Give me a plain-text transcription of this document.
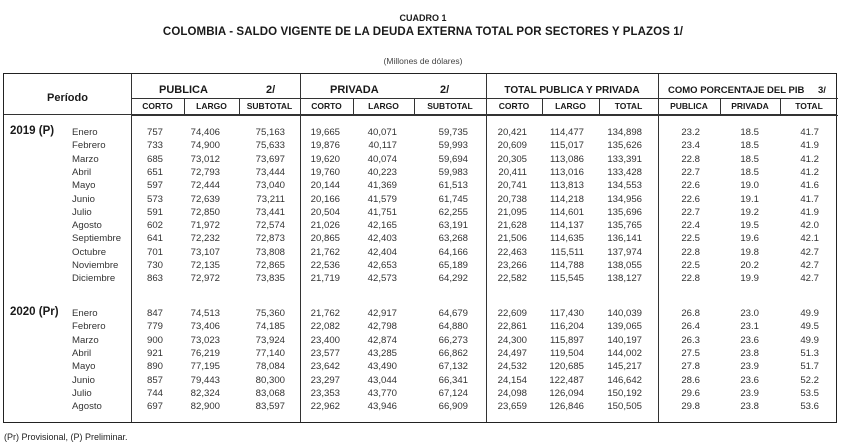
CUADRO 1
COLOMBIA - SALDO VIGENTE DE LA DEUDA EXTERNA TOTAL POR SECTORES Y PLAZOS 1/
(Millones de dólares)
Período
PUBLICA	2/	PRIVADA	2/	TOTAL PUBLICA Y PRIVADA	COMO PORCENTAJE DEL PIB 3/
CORTO	LARGO	SUBTOTAL	CORTO	LARGO	SUBTOTAL	CORTO	LARGO	TOTAL	PUBLICA	PRIVADA	TOTAL
2019 (P) Enero	757	74,406	75,163	19,665	40,071	59,735	20,421 114,477 134,898	23.2	18.5	41.7
Febrero	733	74,900	75,633	19,876	40,117	59,993	20,609 115,017 135,626	23.4	18.5	41.9
Marzo	685	73,012	73,697	19,620	40,074	59,694	20,305 113,086 133,391	22.8	18.5	41.2
Abril	651	72,793	73,444	19,760	40,223	59,983	20,411 113,016 133,428	22.7	18.5	41.2
Mayo	597	72,444	73,040	20,144	41,369	61,513	20,741 113,813 134,553	22.6	19.0	41.6
Junio	573	72,639	73,211	20,166	41,579	61,745	20,738 114,218 134,956	22.6	19.1	41.7
Julio	591	72,850	73,441	20,504	41,751	62,255	21,095 114,601 135,696	22.7	19.2	41.9
Agosto	602	71,972	72,574	21,026	42,165	63,191	21,628 114,137 135,765	22.4	19.5	42.0
Septiembre	641	72,232	72,873	20,865	42,403	63,268	21,506 114,635 136,141	22.5	19.6	42.1
Octubre	701	73,107	73,808	21,762	42,404	64,166	22,463 115,511 137,974	22.8	19.8	42.7
Noviembre	730	72,135	72,865	22,536	42,653	65,189	23,266 114,788 138,055	22.5	20.2	42.7
Diciembre	863	72,972	73,835	21,719	42,573	64,292	22,582 115,545 138,127	22.8	19.9	42.7
2020 (Pr) Enero	847	74,513	75,360	21,762	42,917	64,679	22,609 117,430 140,039	26.8	23.0	49.9
Febrero	779	73,406	74,185	22,082	42,798	64,880	22,861 116,204 139,065	26.4	23.1	49.5
Marzo	900	73,023	73,924	23,400	42,874	66,273	24,300 115,897 140,197	26.3	23.6	49.9
Abril	921	76,219	77,140	23,577	43,285	66,862	24,497 119,504 144,002	27.5	23.8	51.3
Mayo	890	77,195	78,084	23,642	43,490	67,132	24,532 120,685 145,217	27.8	23.9	51.7
Junio	857	79,443	80,300	23,297	43,044	66,341	24,154 122,487 146,642	28.6	23.6	52.2
Julio	744	82,324	83,068	23,353	43,770	67,124	24,098 126,094 150,192	29.6	23.9	53.5
Agosto	697	82,900	83,597	22,962	43,946	66,909	23,659 126,846 150,505	29.8	23.8	53.6
(Pr) Provisional, (P) Preliminar.
